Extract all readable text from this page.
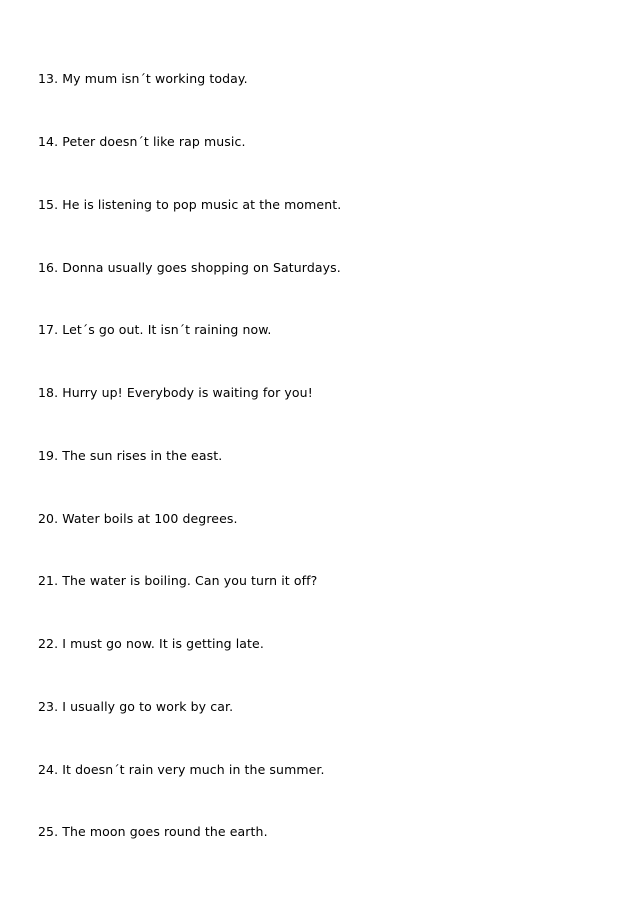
13. My mum isn´t working today.

14. Peter doesn´t like rap music.

15. He is listening to pop music at the moment.

16. Donna usually goes shopping on Saturdays.

17. Let´s go out. It isn´t raining now.

18. Hurry up! Everybody is waiting for you!

19. The sun rises in the east.

20. Water boils at 100 degrees.

21. The water is boiling. Can you turn it off?

22. I must go now. It is getting late.

23. I usually go to work by car.

24. It doesn´t rain very much in the summer.

25. The moon goes round the earth.
